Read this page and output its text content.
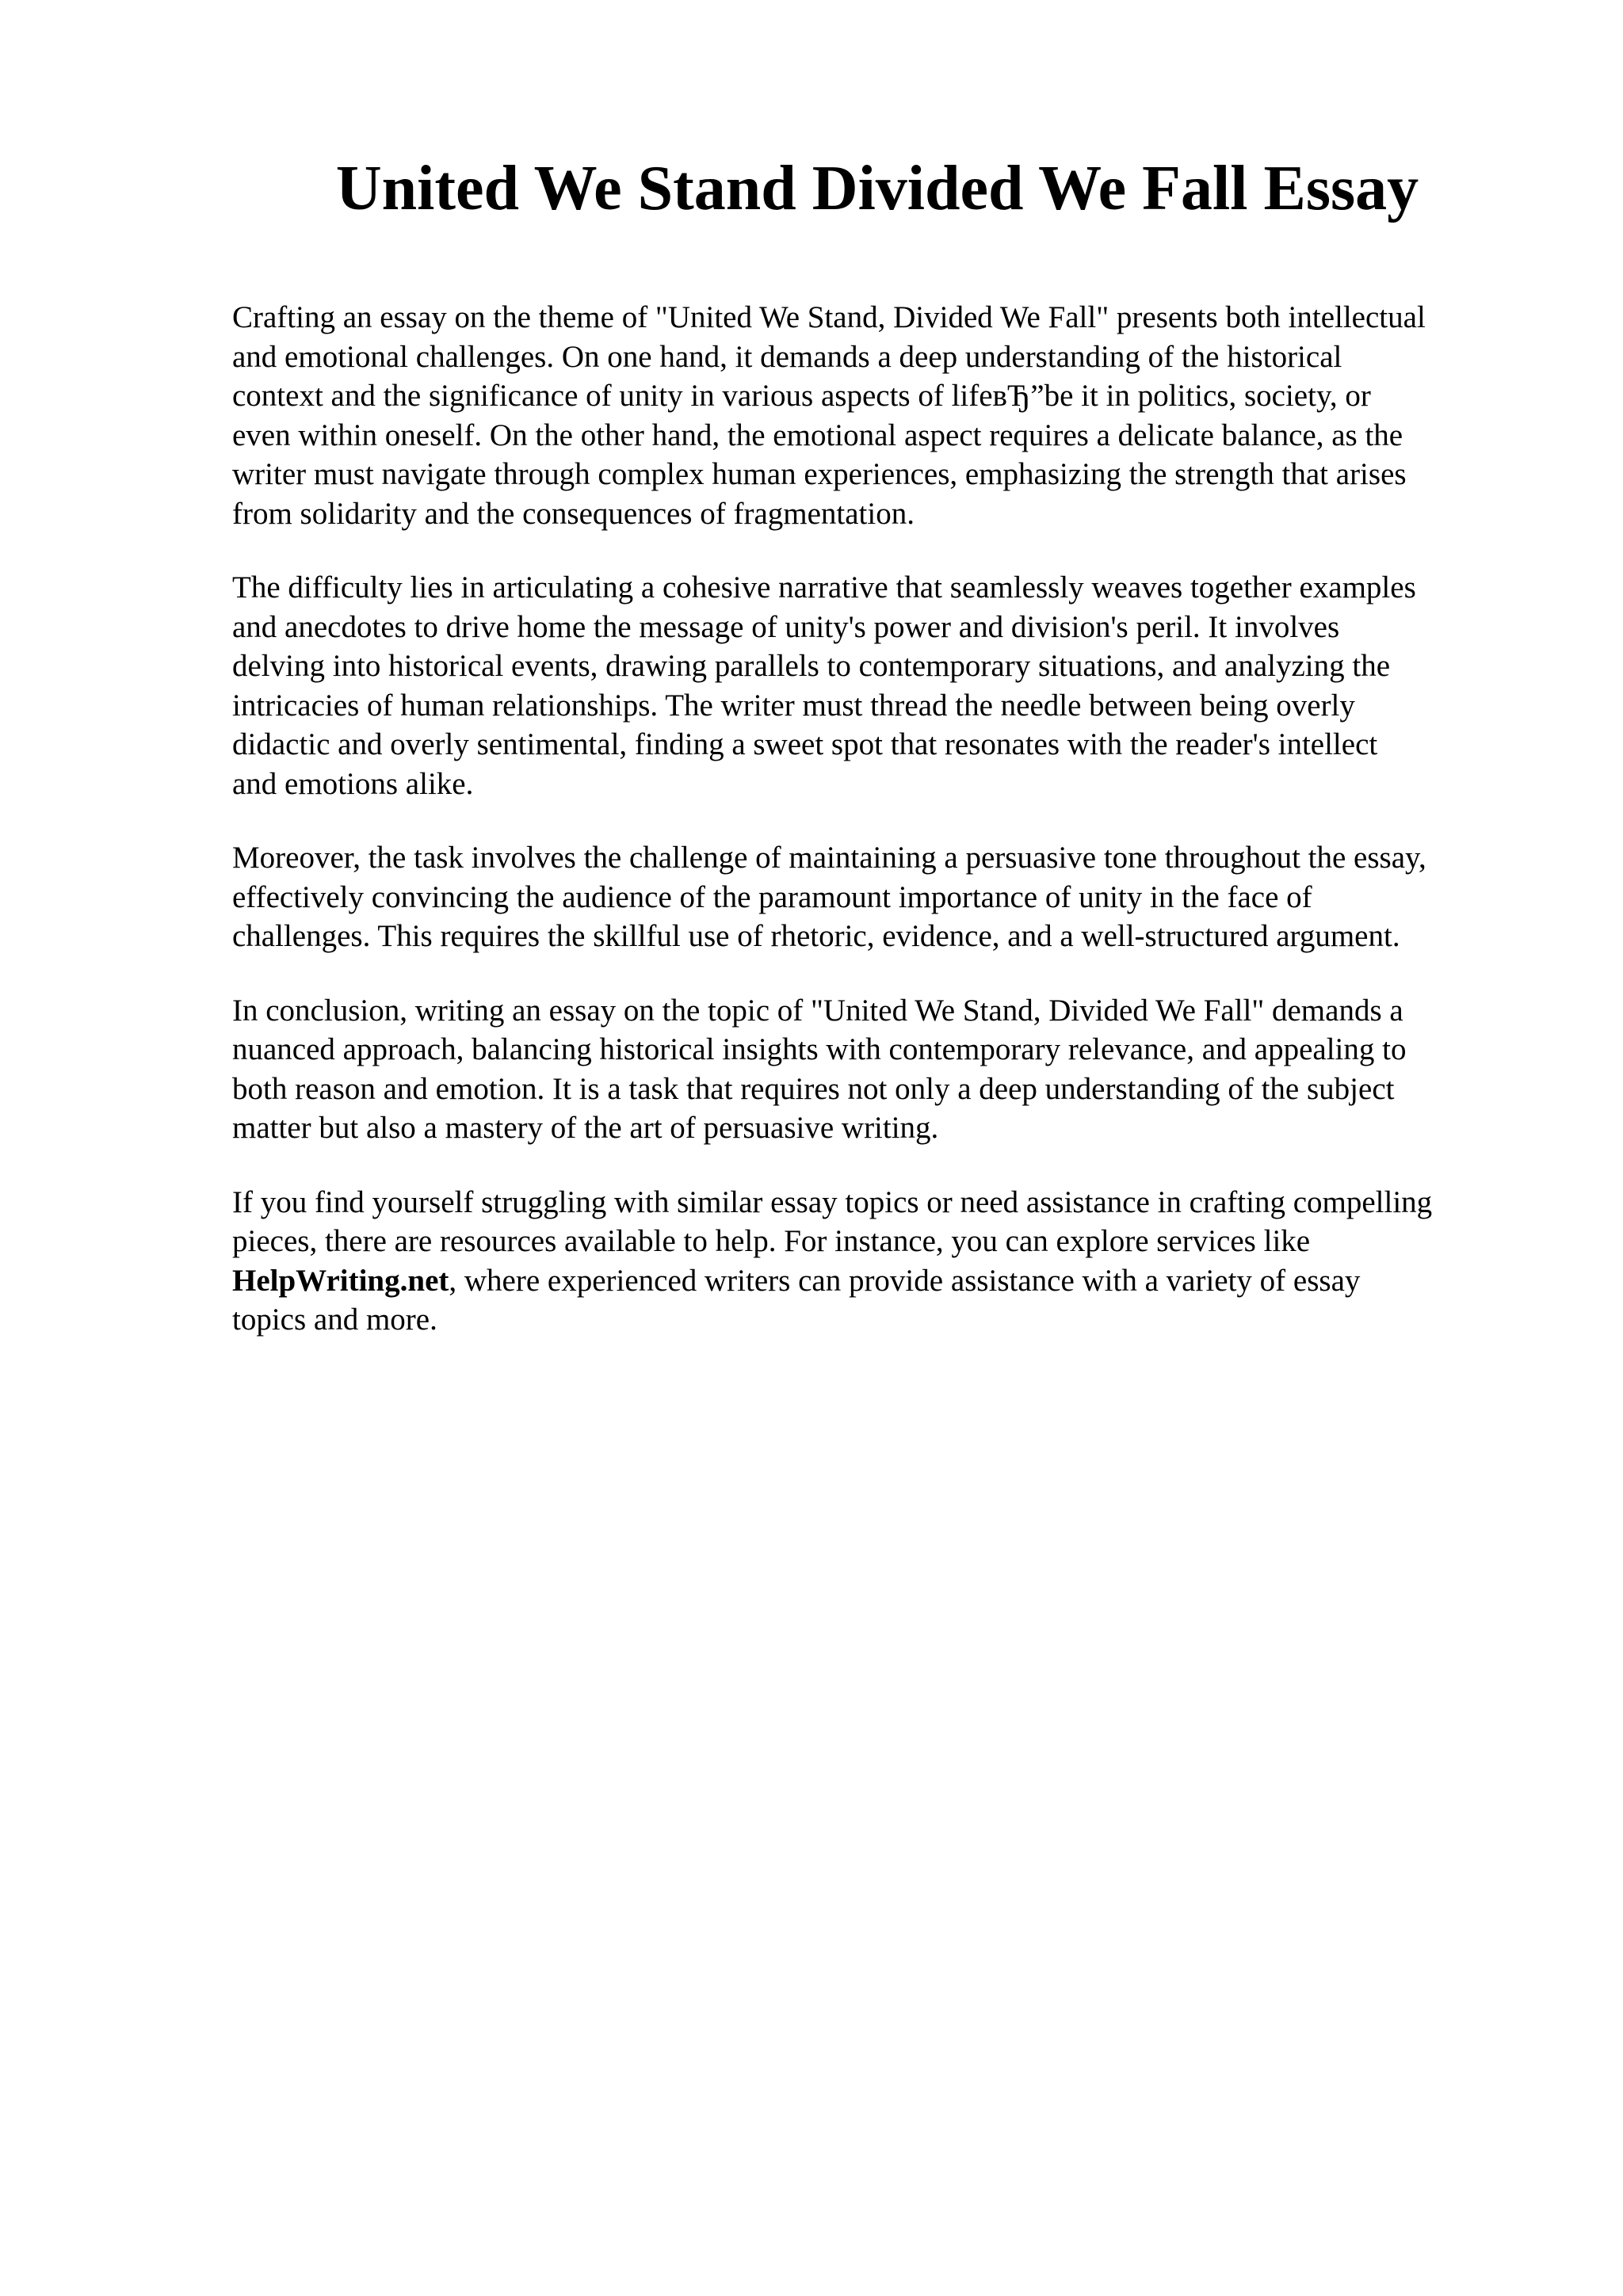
United We Stand Divided We Fall Essay

Crafting an essay on the theme of "United We Stand, Divided We Fall" presents both intellectual
and emotional challenges. On one hand, it demands a deep understanding of the historical
context and the significance of unity in various aspects of lifeвЂ”be it in politics, society, or
even within oneself. On the other hand, the emotional aspect requires a delicate balance, as the
writer must navigate through complex human experiences, emphasizing the strength that arises
from solidarity and the consequences of fragmentation.

The difficulty lies in articulating a cohesive narrative that seamlessly weaves together examples
and anecdotes to drive home the message of unity's power and division's peril. It involves
delving into historical events, drawing parallels to contemporary situations, and analyzing the
intricacies of human relationships. The writer must thread the needle between being overly
didactic and overly sentimental, finding a sweet spot that resonates with the reader's intellect
and emotions alike.

Moreover, the task involves the challenge of maintaining a persuasive tone throughout the essay,
effectively convincing the audience of the paramount importance of unity in the face of
challenges. This requires the skillful use of rhetoric, evidence, and a well-structured argument.

In conclusion, writing an essay on the topic of "United We Stand, Divided We Fall" demands a
nuanced approach, balancing historical insights with contemporary relevance, and appealing to
both reason and emotion. It is a task that requires not only a deep understanding of the subject
matter but also a mastery of the art of persuasive writing.

If you find yourself struggling with similar essay topics or need assistance in crafting compelling
pieces, there are resources available to help. For instance, you can explore services like
HelpWriting.net, where experienced writers can provide assistance with a variety of essay
topics and more.
